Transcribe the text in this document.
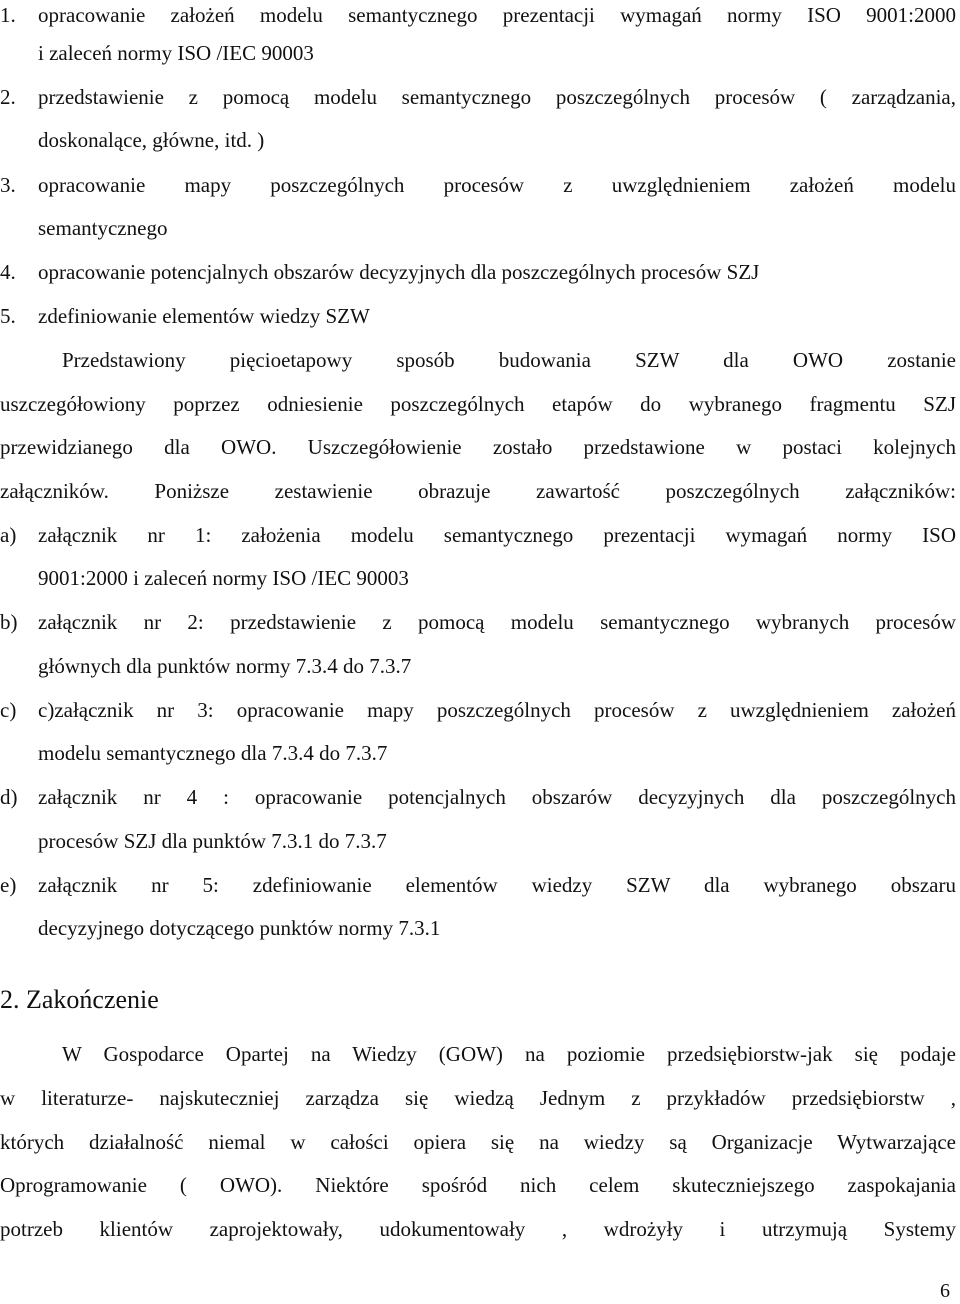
1. opracowanie założeń modelu semantycznego prezentacji wymagań normy ISO 9001:2000
i zaleceń normy ISO /IEC 90003
2. przedstawienie z pomocą modelu semantycznego poszczególnych procesów ( zarządzania,
doskonalące, główne, itd. )
3. opracowanie mapy poszczególnych procesów z uwzględnieniem założeń modelu
semantycznego
4. opracowanie potencjalnych obszarów decyzyjnych dla poszczególnych procesów SZJ
5. zdefiniowanie elementów wiedzy SZW
Przedstawiony pięcioetapowy sposób budowania SZW dla OWO zostanie
uszczegółowiony poprzez odniesienie poszczególnych etapów do wybranego fragmentu SZJ
przewidzianego dla OWO. Uszczegółowienie zostało przedstawione w postaci kolejnych
załączników. Poniższe zestawienie obrazuje zawartość poszczególnych załączników:
a) załącznik nr 1: założenia modelu semantycznego prezentacji wymagań normy ISO
9001:2000 i zaleceń normy ISO /IEC 90003
b) załącznik nr 2: przedstawienie z pomocą modelu semantycznego wybranych procesów
głównych dla punktów normy 7.3.4 do 7.3.7
c) c)załącznik nr 3: opracowanie mapy poszczególnych procesów z uwzględnieniem założeń
modelu semantycznego dla 7.3.4 do 7.3.7
d) załącznik nr 4 : opracowanie potencjalnych obszarów decyzyjnych dla poszczególnych
procesów SZJ dla punktów 7.3.1 do 7.3.7
e) załącznik nr 5: zdefiniowanie elementów wiedzy SZW dla wybranego obszaru
decyzyjnego dotyczącego punktów normy 7.3.1
2. Zakończenie
W Gospodarce Opartej na Wiedzy (GOW) na poziomie przedsiębiorstw-jak się podaje
w literaturze- najskuteczniej zarządza się wiedzą Jednym z przykładów przedsiębiorstw ,
których działalność niemal w całości opiera się na wiedzy są Organizacje Wytwarzające
Oprogramowanie ( OWO). Niektóre spośród nich celem skuteczniejszego zaspokajania
potrzeb klientów zaprojektowały, udokumentowały , wdrożyły i utrzymują Systemy
6
